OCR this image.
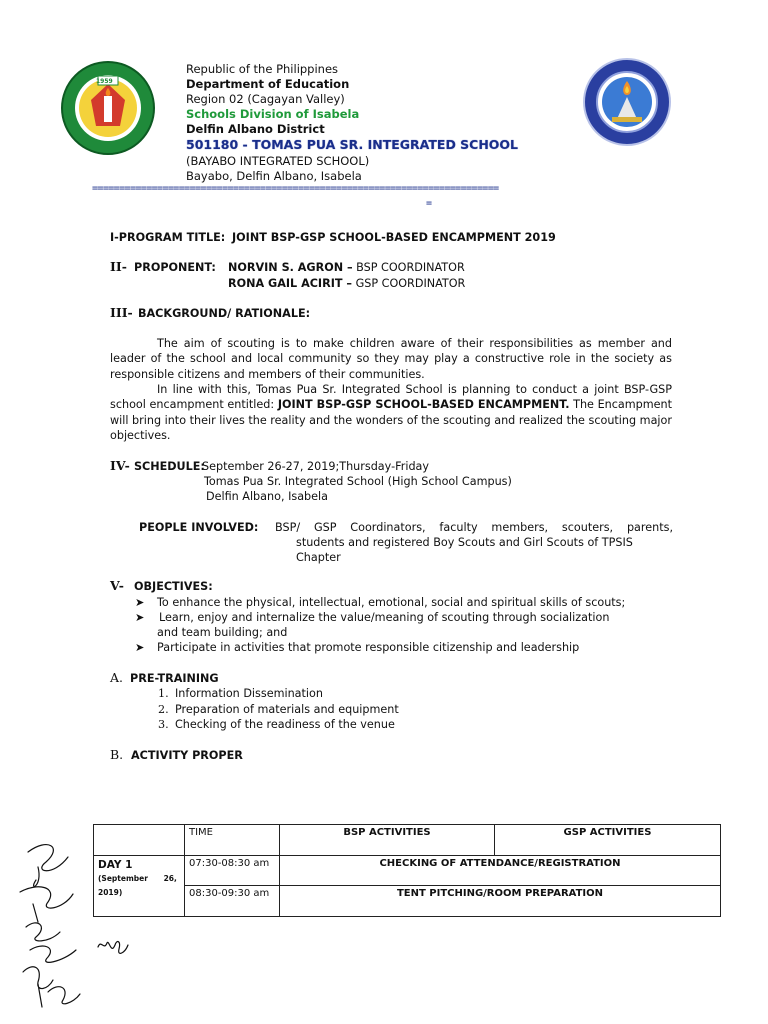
1959
Republic of the Philippines
Department of Education
Region 02 (Cagayan Valley)
Schools Division of Isabela
Delfin Albano District
501180 - TOMAS PUA SR. INTEGRATED SCHOOL
(BAYABO INTEGRATED SCHOOL)
Bayabo, Delfin Albano, Isabela
===========================================================================
=
I-PROGRAM TITLE: JOINT BSP-GSP SCHOOL-BASED ENCAMPMENT 2019
II- PROPONENT: NORVIN S. AGRON – BSP COORDINATOR
RONA GAIL ACIRIT – GSP COORDINATOR
III- BACKGROUND/ RATIONALE:
The aim of scouting is to make children aware of their responsibilities as member and leader of the school and local community so they may play a constructive role in the society as responsible citizens and members of their communities.
In line with this, Tomas Pua Sr. Integrated School is planning to conduct a joint BSP-GSP school encampment entitled: JOINT BSP-GSP SCHOOL-BASED ENCAMPMENT. The Encampment will bring into their lives the reality and the wonders of the scouting and realized the scouting major objectives.
IV- SCHEDULE:
September 26-27, 2019;Thursday-Friday
Tomas Pua Sr. Integrated School (High School Campus)
Delfin Albano, Isabela
PEOPLE INVOLVED: BSP/ GSP Coordinators, faculty members, scouters, parents,
students and registered Boy Scouts and Girl Scouts of TPSIS
Chapter
V- OBJECTIVES:
➤ To enhance the physical, intellectual, emotional, social and spiritual skills of scouts;
➤ Learn, enjoy and internalize the value/meaning of scouting through socialization
and team building; and
➤ Participate in activities that promote responsible citizenship and leadership
A. PRE-TRAINING
1. Information Dissemination
2. Preparation of materials and equipment
3. Checking of the readiness of the venue
B. ACTIVITY PROPER
	TIME	BSP ACTIVITIES	GSP ACTIVITIES

DAY 1
(September      26,
2019)	07:30-08:30 am	CHECKING OF ATTENDANCE/REGISTRATION	
	08:30-09:30 am	TENT PITCHING/ROOM PREPARATION	
